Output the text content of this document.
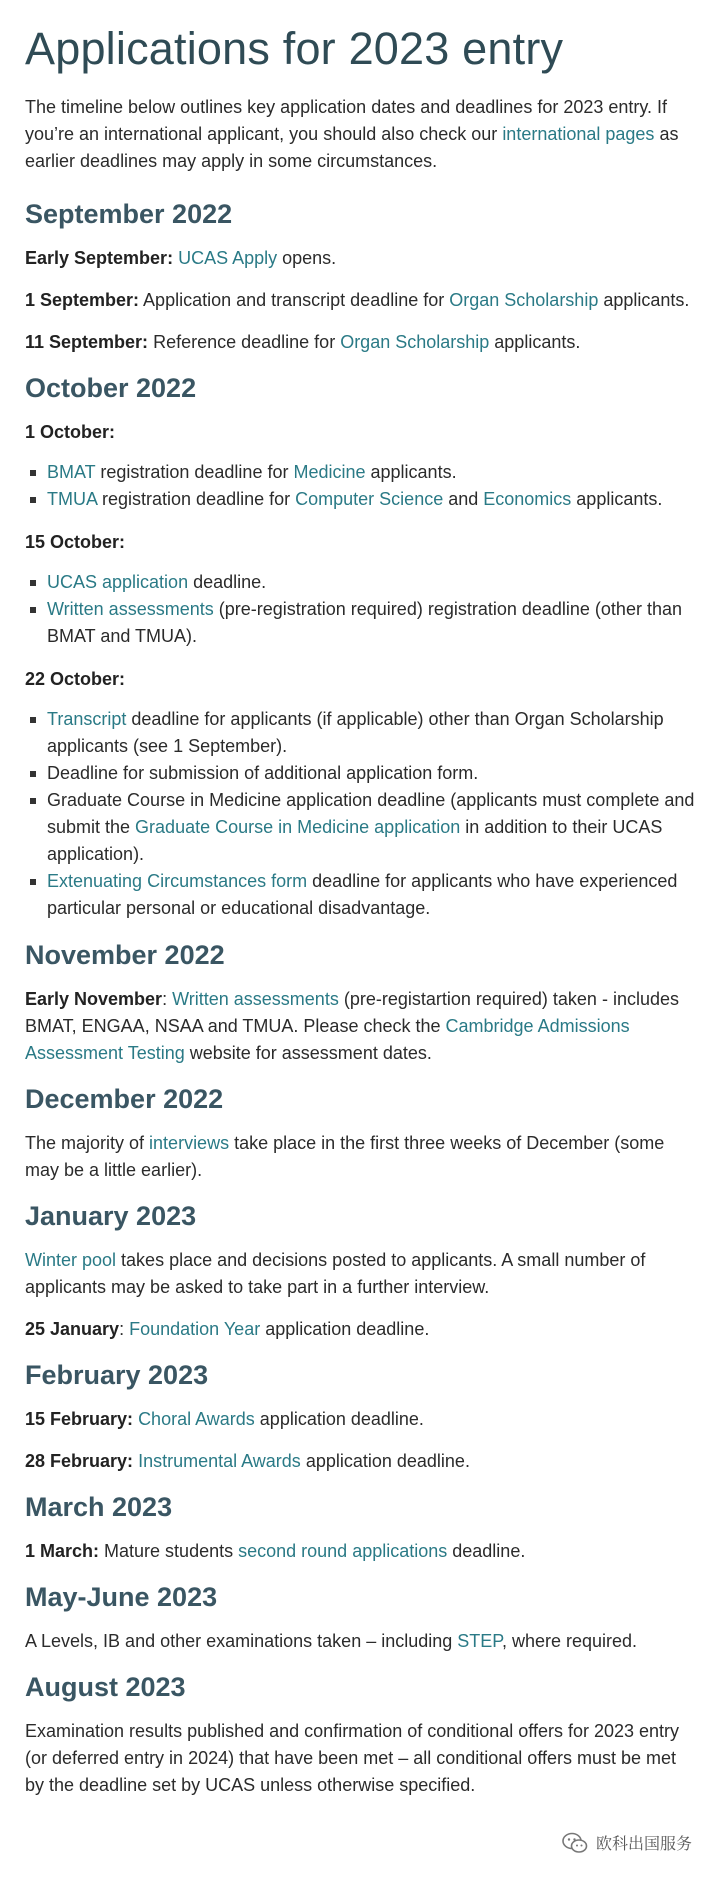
Applications for 2023 entry

The timeline below outlines key application dates and deadlines for 2023 entry. If you’re an international applicant, you should also check our international pages as earlier deadlines may apply in some circumstances.

September 2022

Early September: UCAS Apply opens.

1 September: Application and transcript deadline for Organ Scholarship applicants.

11 September: Reference deadline for Organ Scholarship applicants.

October 2022

1 October:

BMAT registration deadline for Medicine applicants.
TMUA registration deadline for Computer Science and Economics applicants.

15 October:

UCAS application deadline.
Written assessments (pre-registration required) registration deadline (other than BMAT and TMUA).

22 October:

Transcript deadline for applicants (if applicable) other than Organ Scholarship applicants (see 1 September).
Deadline for submission of additional application form.
Graduate Course in Medicine application deadline (applicants must complete and submit the Graduate Course in Medicine application in addition to their UCAS application).
Extenuating Circumstances form deadline for applicants who have experienced particular personal or educational disadvantage.
November 2022

Early November: Written assessments (pre-registartion required) taken - includes BMAT, ENGAA, NSAA and TMUA. Please check the Cambridge Admissions Assessment Testing website for assessment dates.

December 2022

The majority of interviews take place in the first three weeks of December (some may be a little earlier).

January 2023

Winter pool takes place and decisions posted to applicants. A small number of applicants may be asked to take part in a further interview.

25 January: Foundation Year application deadline.

February 2023

15 February: Choral Awards application deadline.

28 February: Instrumental Awards application deadline.

March 2023

1 March: Mature students second round applications deadline.

May-June 2023

A Levels, IB and other examinations taken – including STEP, where required.

August 2023

Examination results published and confirmation of conditional offers for 2023 entry (or deferred entry in 2024) that have been met – all conditional offers must be met by the deadline set by UCAS unless otherwise specified.

欧科出国服务
